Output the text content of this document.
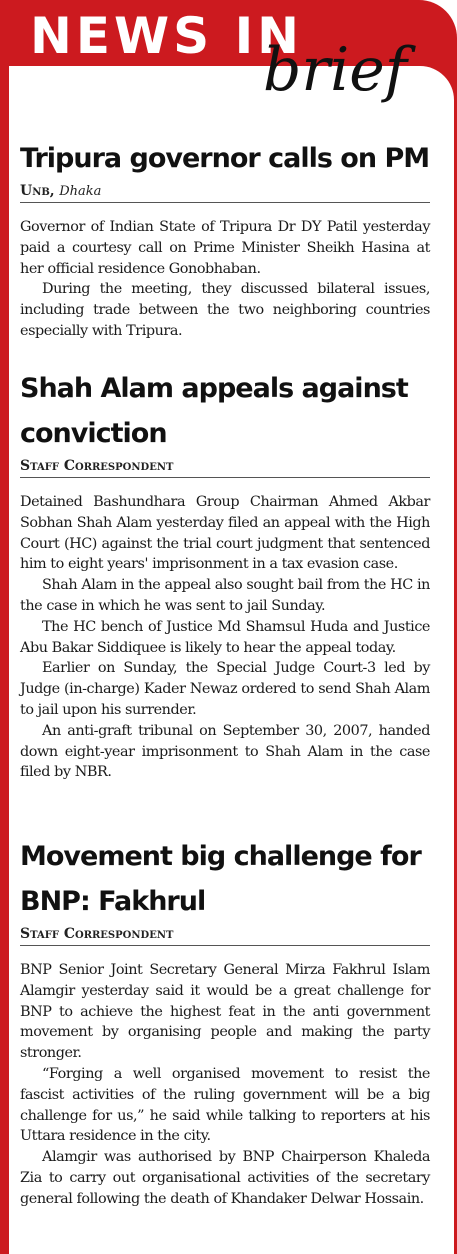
NEWS IN
brief
Tripura governor calls on PM
Unb, Dhaka

Governor of Indian State of Tripura Dr DY Patil yesterday paid a courtesy call on Prime Minister Sheikh Hasina at her official residence Gonobhaban.

During the meeting, they discussed bilateral issues, including trade between the two neighboring countries especially with Tripura.

Shah Alam appeals against conviction
Staff Correspondent

Detained Bashundhara Group Chairman Ahmed Akbar Sobhan Shah Alam yesterday filed an appeal with the High Court (HC) against the trial court judgment that sentenced him to eight years' imprisonment in a tax evasion case.

Shah Alam in the appeal also sought bail from the HC in the case in which he was sent to jail Sunday.

The HC bench of Justice Md Shamsul Huda and Justice Abu Bakar Siddiquee is likely to hear the appeal today.

Earlier on Sunday, the Special Judge Court-3 led by Judge (in-charge) Kader Newaz ordered to send Shah Alam to jail upon his surrender.

An anti-graft tribunal on September 30, 2007, handed down eight-year imprisonment to Shah Alam in the case filed by NBR.

Movement big challenge for BNP: Fakhrul
Staff Correspondent

BNP Senior Joint Secretary General Mirza Fakhrul Islam Alamgir yesterday said it would be a great challenge for BNP to achieve the highest feat in the anti government movement by organising people and making the party stronger.

“Forging a well organised movement to resist the fascist activities of the ruling government will be a big challenge for us,” he said while talking to reporters at his Uttara residence in the city.

Alamgir was authorised by BNP Chairperson Khaleda Zia to carry out organisational activities of the secretary general following the death of Khandaker Delwar Hossain.
